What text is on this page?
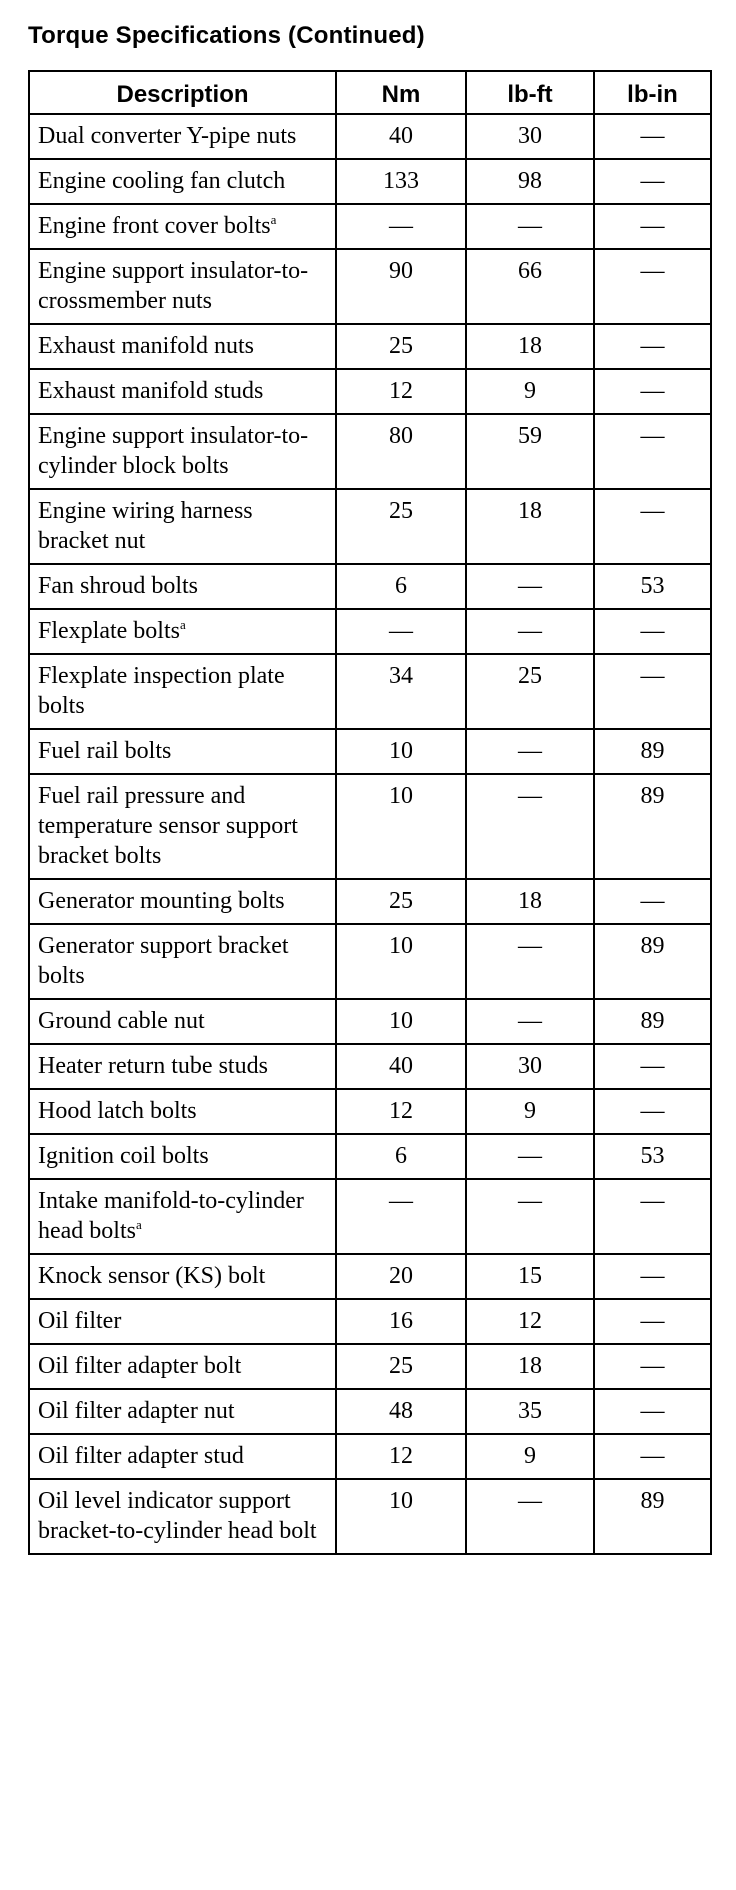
Torque Specifications (Continued)
Description	Nm	lb-ft	lb-in
Dual converter Y-pipe nuts	40	30	—
Engine cooling fan clutch	133	98	—
Engine front cover bolts$^a$	—	—	—
Engine support insulator-to-crossmember nuts	90	66	—
Exhaust manifold nuts	25	18	—
Exhaust manifold studs	12	9	—
Engine support insulator-to-cylinder block bolts	80	59	—
Engine wiring harness bracket nut	25	18	—
Fan shroud bolts	6	—	53
Flexplate bolts$^a$	—	—	—
Flexplate inspection plate bolts	34	25	—
Fuel rail bolts	10	—	89
Fuel rail pressure and temperature sensor support bracket bolts	10	—	89
Generator mounting bolts	25	18	—
Generator support bracket bolts	10	—	89
Ground cable nut	10	—	89
Heater return tube studs	40	30	—
Hood latch bolts	12	9	—
Ignition coil bolts	6	—	53
Intake manifold-to-cylinder head bolts$^a$	—	—	—
Knock sensor (KS) bolt	20	15	—
Oil filter	16	12	—
Oil filter adapter bolt	25	18	—
Oil filter adapter nut	48	35	—
Oil filter adapter stud	12	9	—
Oil level indicator support bracket-to-cylinder head bolt	10	—	89
